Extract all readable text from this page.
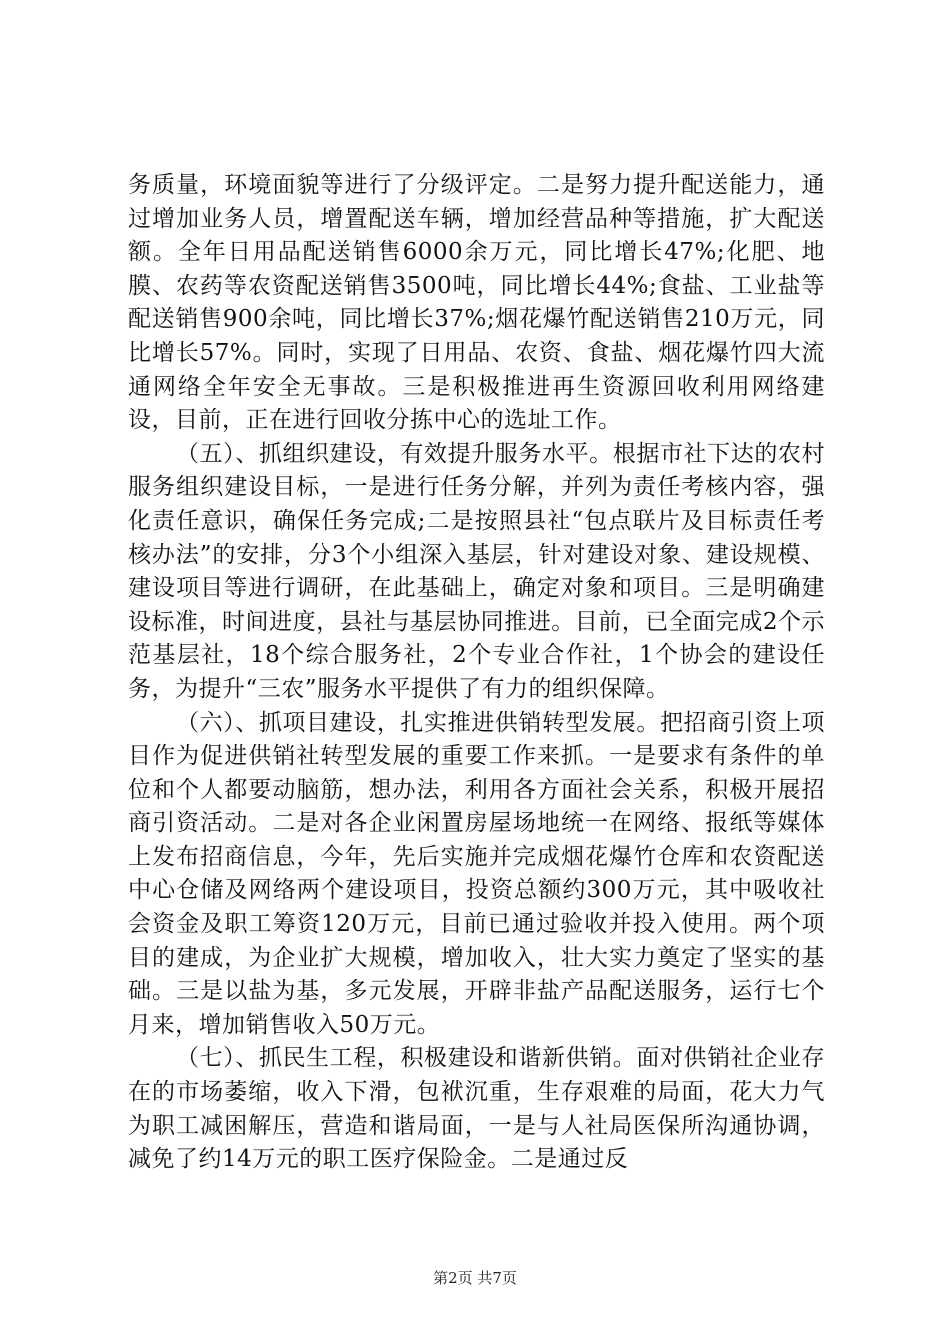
务质量，环境面貌等进行了分级评定。二是努力提升配送能力，通过增加业务人员，增置配送车辆，增加经营品种等措施，扩大配送额。全年日用品配送销售6000余万元，同比增长47%;化肥、地膜、农药等农资配送销售3500吨，同比增长44%;食盐、工业盐等配送销售900余吨，同比增长37%;烟花爆竹配送销售210万元，同比增长57%。同时，实现了日用品、农资、食盐、烟花爆竹四大流通网络全年安全无事故。三是积极推进再生资源回收利用网络建设，目前，正在进行回收分拣中心的选址工作。

（五）、抓组织建设，有效提升服务水平。根据市社下达的农村服务组织建设目标，一是进行任务分解，并列为责任考核内容，强化责任意识，确保任务完成;二是按照县社“包点联片及目标责任考核办法”的安排，分3个小组深入基层，针对建设对象、建设规模、建设项目等进行调研，在此基础上，确定对象和项目。三是明确建设标准，时间进度，县社与基层协同推进。目前，已全面完成2个示范基层社，18个综合服务社，2个专业合作社，1个协会的建设任务，为提升“三农”服务水平提供了有力的组织保障。

（六）、抓项目建设，扎实推进供销转型发展。把招商引资上项目作为促进供销社转型发展的重要工作来抓。一是要求有条件的单位和个人都要动脑筋，想办法，利用各方面社会关系，积极开展招商引资活动。二是对各企业闲置房屋场地统一在网络、报纸等媒体上发布招商信息，今年，先后实施并完成烟花爆竹仓库和农资配送中心仓储及网络两个建设项目，投资总额约300万元，其中吸收社会资金及职工筹资120万元，目前已通过验收并投入使用。两个项目的建成，为企业扩大规模，增加收入，壮大实力奠定了坚实的基础。三是以盐为基，多元发展，开辟非盐产品配送服务，运行七个月来，增加销售收入50万元。

（七）、抓民生工程，积极建设和谐新供销。面对供销社企业存在的市场萎缩，收入下滑，包袱沉重，生存艰难的局面，花大力气为职工减困解压，营造和谐局面，一是与人社局医保所沟通协调，减免了约14万元的职工医疗保险金。二是通过反

第2页 共7页
